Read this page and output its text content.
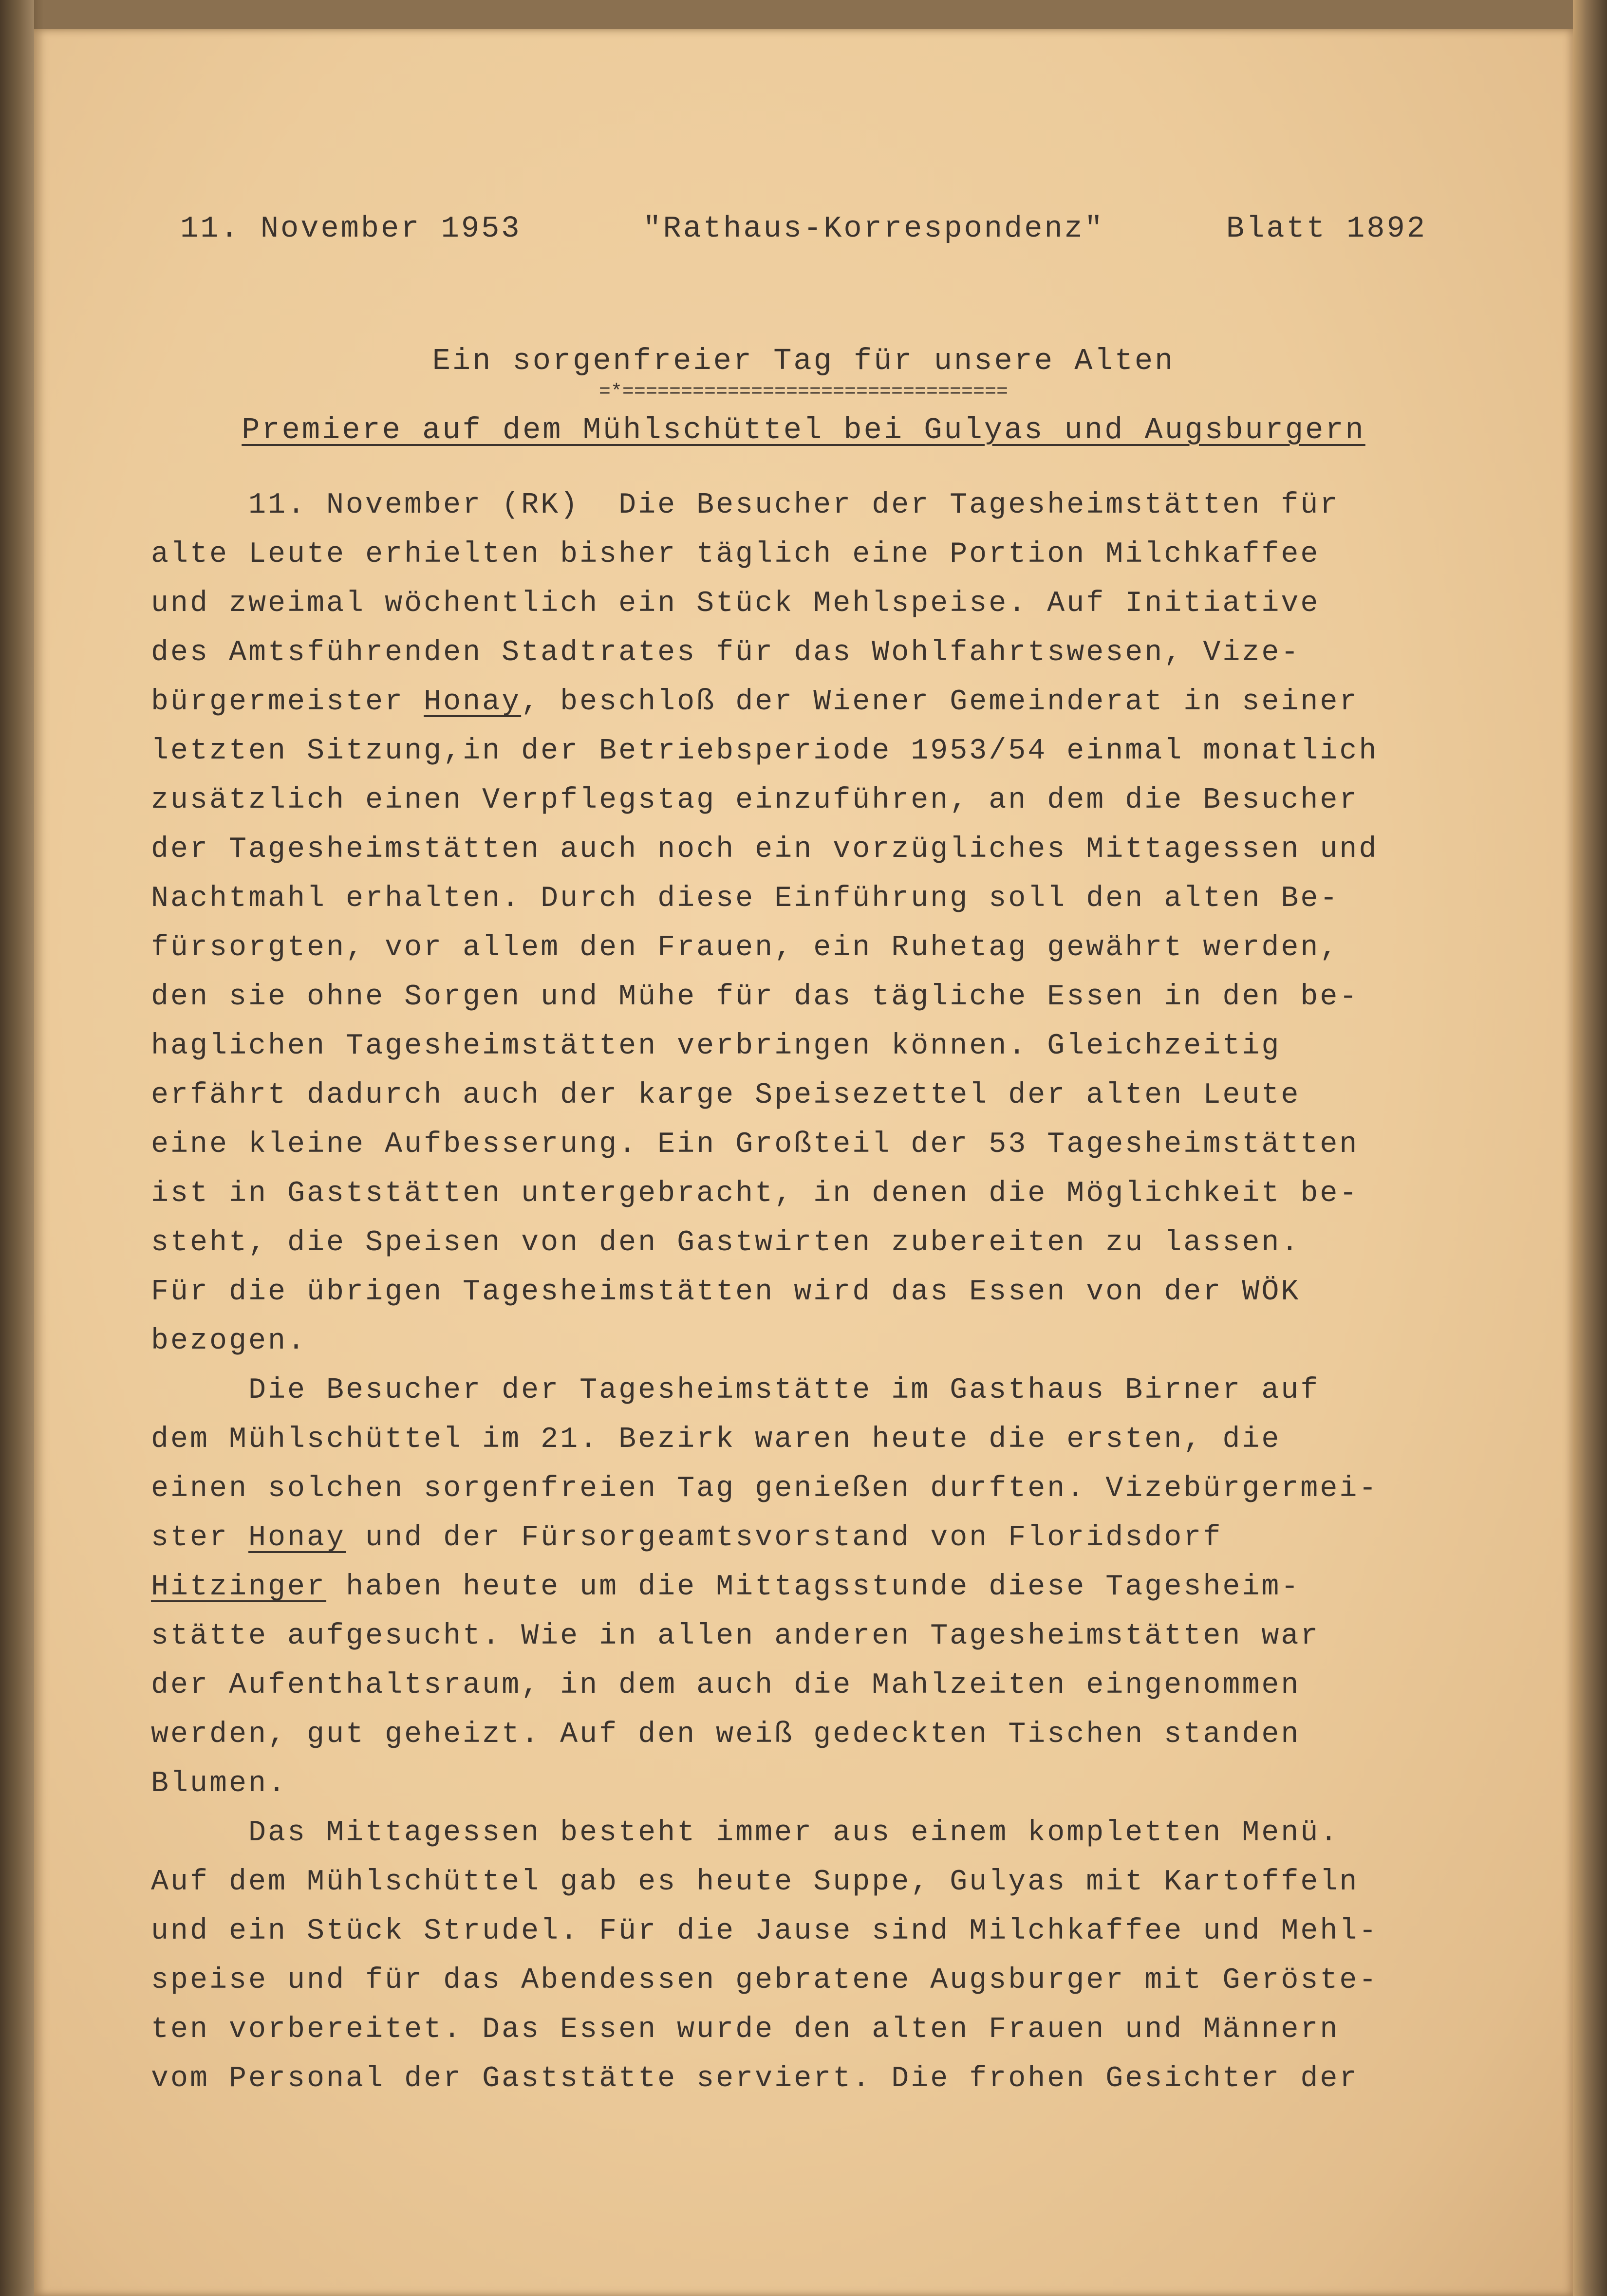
11. November 1953	"Rathaus-Korrespondenz"	Blatt 1892
Ein sorgenfreier Tag für unsere Alten
=*=================================
Premiere auf dem Mühlschüttel bei Gulyas und Augsburgern
11. November (RK)  Die Besucher der Tagesheimstätten für
alte Leute erhielten bisher täglich eine Portion Milchkaffee
und zweimal wöchentlich ein Stück Mehlspeise. Auf Initiative
des Amtsführenden Stadtrates für das Wohlfahrtswesen, Vize-
bürgermeister Honay, beschloß der Wiener Gemeinderat in seiner
letzten Sitzung,in der Betriebsperiode 1953/54 einmal monatlich
zusätzlich einen Verpflegstag einzuführen, an dem die Besucher
der Tagesheimstätten auch noch ein vorzügliches Mittagessen und
Nachtmahl erhalten. Durch diese Einführung soll den alten Be-
fürsorgten, vor allem den Frauen, ein Ruhetag gewährt werden,
den sie ohne Sorgen und Mühe für das tägliche Essen in den be-
haglichen Tagesheimstätten verbringen können. Gleichzeitig
erfährt dadurch auch der karge Speisezettel der alten Leute
eine kleine Aufbesserung. Ein Großteil der 53 Tagesheimstätten
ist in Gaststätten untergebracht, in denen die Möglichkeit be-
steht, die Speisen von den Gastwirten zubereiten zu lassen.
Für die übrigen Tagesheimstätten wird das Essen von der WÖK
bezogen.
Die Besucher der Tagesheimstätte im Gasthaus Birner auf
dem Mühlschüttel im 21. Bezirk waren heute die ersten, die
einen solchen sorgenfreien Tag genießen durften. Vizebürgermei-
ster Honay und der Fürsorgeamtsvorstand von Floridsdorf
Hitzinger haben heute um die Mittagsstunde diese Tagesheim-
stätte aufgesucht. Wie in allen anderen Tagesheimstätten war
der Aufenthaltsraum, in dem auch die Mahlzeiten eingenommen
werden, gut geheizt. Auf den weiß gedeckten Tischen standen
Blumen.
Das Mittagessen besteht immer aus einem kompletten Menü.
Auf dem Mühlschüttel gab es heute Suppe, Gulyas mit Kartoffeln
und ein Stück Strudel. Für die Jause sind Milchkaffee und Mehl-
speise und für das Abendessen gebratene Augsburger mit Geröste-
ten vorbereitet. Das Essen wurde den alten Frauen und Männern
vom Personal der Gaststätte serviert. Die frohen Gesichter der
